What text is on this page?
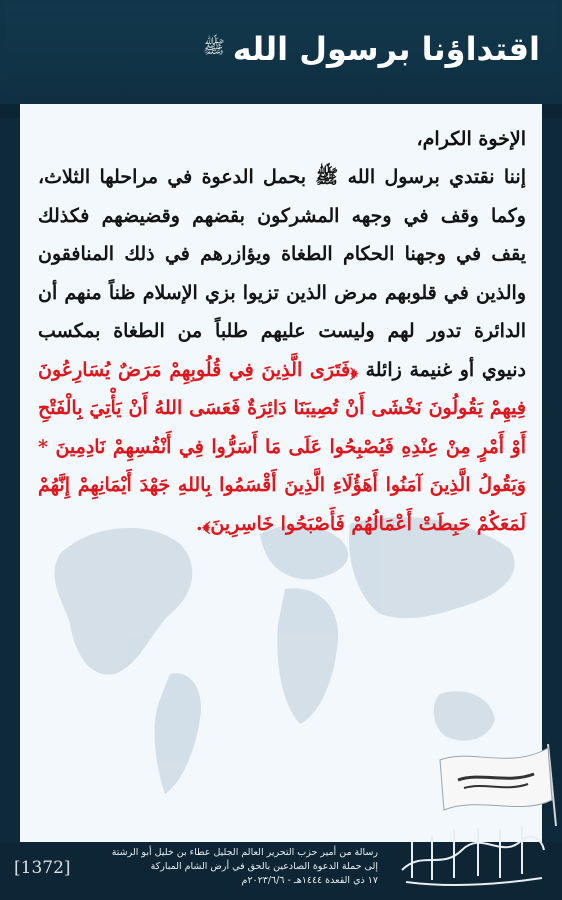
اقتداؤنا برسول الله
ﷺ
الإخوة الكرام،
إننا نقتدي برسول الله ﷺ بحمل الدعوة في مراحلها الثلاث، وكما وقف في وجهه المشركون بقضهم وقضيضهم فكذلك يقف في وجهنا الحكام الطغاة ويؤازرهم في ذلك المنافقون والذين في قلوبهم مرض الذين تزيوا بزي الإسلام ظناً منهم أن الدائرة تدور لهم وليست عليهم طلباً من الطغاة بمكسب دنيوي أو غنيمة زائلة ﴿فَتَرَى الَّذِينَ فِي قُلُوبِهِمْ مَرَضٌ يُسَارِعُونَ فِيهِمْ يَقُولُونَ نَخْشَى أَنْ تُصِيبَنَا دَائِرَةٌ فَعَسَى اللهُ أَنْ يَأْتِيَ بِالْفَتْحِ أَوْ أَمْرٍ مِنْ عِنْدِهِ فَيُصْبِحُوا عَلَى مَا أَسَرُّوا فِي أَنْفُسِهِمْ نَادِمِينَ * وَيَقُولُ الَّذِينَ آمَنُوا أَهَؤُلَاءِ الَّذِينَ أَقْسَمُوا بِاللهِ جَهْدَ أَيْمَانِهِمْ إِنَّهُمْ لَمَعَكُمْ حَبِطَتْ أَعْمَالُهُمْ فَأَصْبَحُوا خَاسِرِينَ﴾.
رسالة من أمير حزب التحرير العالم الجليل عطاء بن خليل أبو الرشتة
إلى حملة الدعوة الصادعين بالحق في أرض الشام المباركة
١٧ ذي القعدة ١٤٤٤هـ - ٢٠٢٣/٦/٦م
[1372]
